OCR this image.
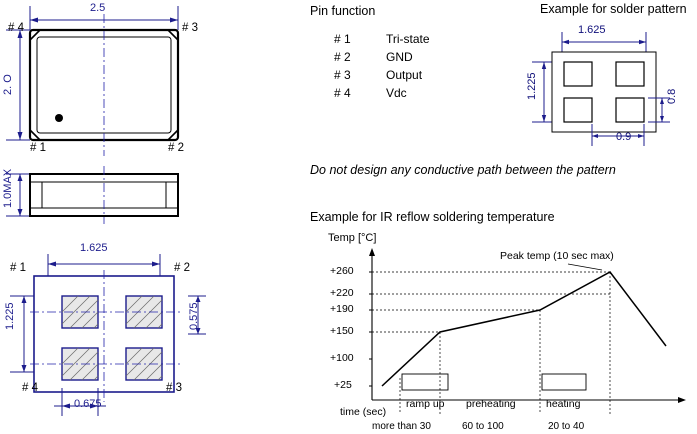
2.5
2. O
# 4	# 3
# 1	# 2
1.0MAX
1.625
1.225	0.575
0.675
# 1	# 2
# 4	# 3
Pin function
# 1	Tri-state
# 2	GND
# 3	Output
# 4	Vdc
Example for solder pattern
1.625
1.225	0.8
0.9
Do not design any conductive path between the pattern
Example for IR reflow soldering temperature
Temp [°C]
time (sec)
+260
+220
+190
+150
+100
+25
ramp up preheating	heating
more than 30	60 to 100	20 to 40
Peak temp (10 sec max)
